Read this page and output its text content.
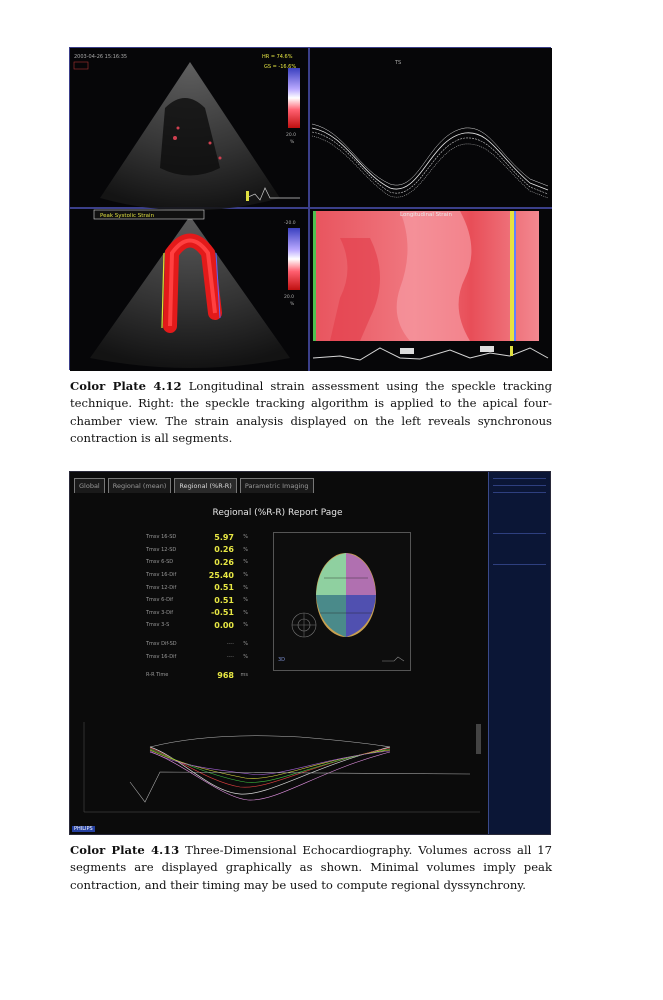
2003-04-26 15:16:35	HR = 74.6%
GS = -16.6%
20.0
%
TS
Peak Systolic Strain
-20.0
20.0
%
Longitudinal Strain
Color Plate 4.12 Longitudinal strain assessment using the speckle tracking technique. Right: the speckle tracking algorithm is applied to the apical four-chamber view. The strain analysis displayed on the left reveals synchronous contraction is all segments.
Global	Regional (mean)	Regional (%R-R)	Parametric Imaging
Regional (%R-R) Report Page
Tmsv 16-SD	5.97	%
Tmsv 12-SD	0.26	%
Tmsv 6-SD	0.26	%
Tmsv 16-Dif	25.40	%
Tmsv 12-Dif	0.51	%
Tmsv 6-Dif	0.51	%
Tmsv 3-Dif	-0.51	%
Tmsv 3-S	0.00	%
Tmsv Dif-SD	----	%
Tmsv 16-Dif	----	%
R-R Time	968	ms
3D
PHILIPS
Color Plate 4.13 Three-Dimensional Echocardiography. Volumes across all 17 segments are displayed graphically as shown. Minimal volumes imply peak contraction, and their timing may be used to compute regional dyssynchrony.
